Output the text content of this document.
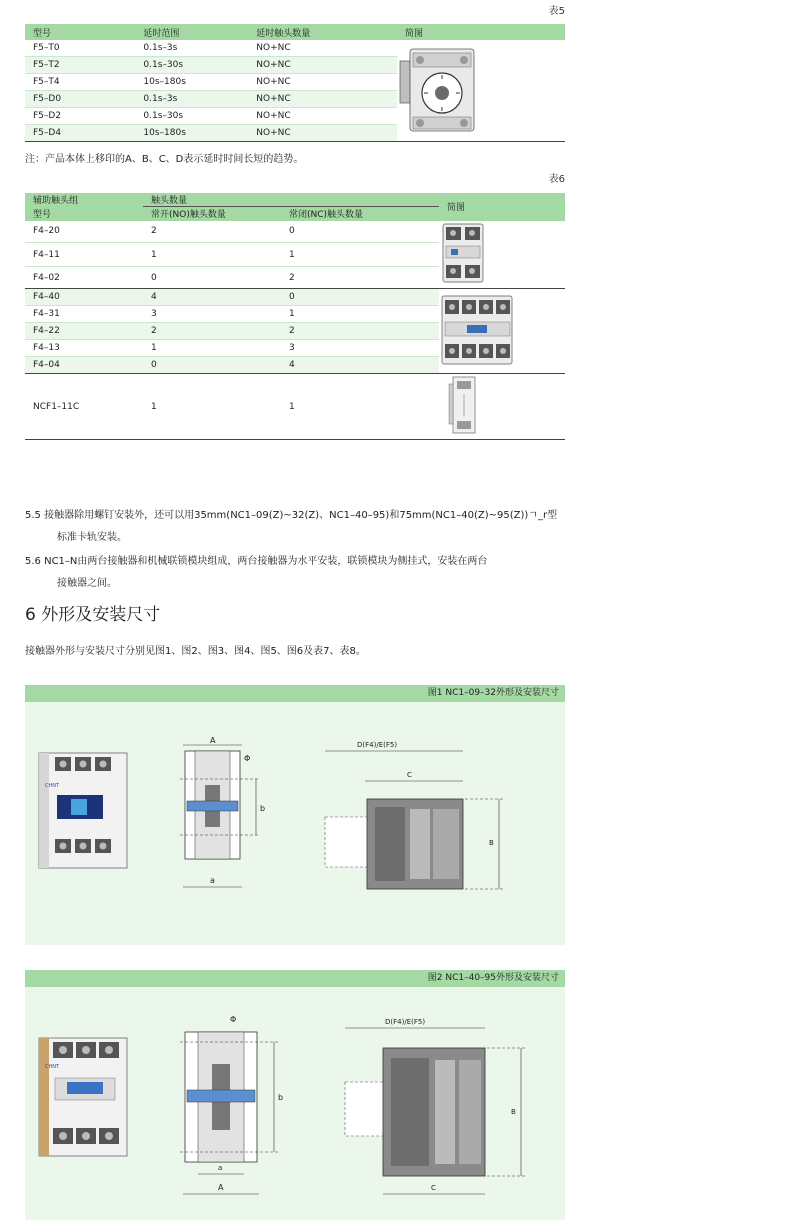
表5
型号	延时范围	延时触头数量	简图
F5–T0	0.1s–3s	NO+NC	
F5–T2	0.1s–30s	NO+NC	
F5–T4	10s–180s	NO+NC	
F5–D0	0.1s–3s	NO+NC	
F5–D2	0.1s–30s	NO+NC	
F5–D4	10s–180s	NO+NC	
注：产品本体上移印的A、B、C、D表示延时时间长短的趋势。
表6
辅助触头组	触头数量		简图
型号	常开(NO)触头数量	常闭(NC)触头数量	
F4–20	2	0	
F4–11	1	1	
F4–02	0	2	
F4–40	4	0	
F4–31	3	1	
F4–22	2	2	
F4–13	1	3	
F4–04	0	4	
NCF1–11C	1	1	
5.5 接触器除用螺钉安装外，还可以用35mm(NC1–09(Z)~32(Z)、NC1–40–95)和75mm(NC1–40(Z)~95(Z))ㄱ_r型
标准卡轨安装。
5.6 NC1–N由两台接触器和机械联锁模块组成，两台接触器为水平安装，联锁模块为侧挂式，安装在两台
接触器之间。
6 外形及安装尺寸
接触器外形与安装尺寸分别见图1、图2、图3、图4、图5、图6及表7、表8。
图1 NC1–09–32外形及安装尺寸
CHNT
A
Φ
b
a
D(F4)/E(F5)
C
B
图2 NC1–40–95外形及安装尺寸
CHNT
Φ
b
a
A
D(F4)/E(F5)
B
C
